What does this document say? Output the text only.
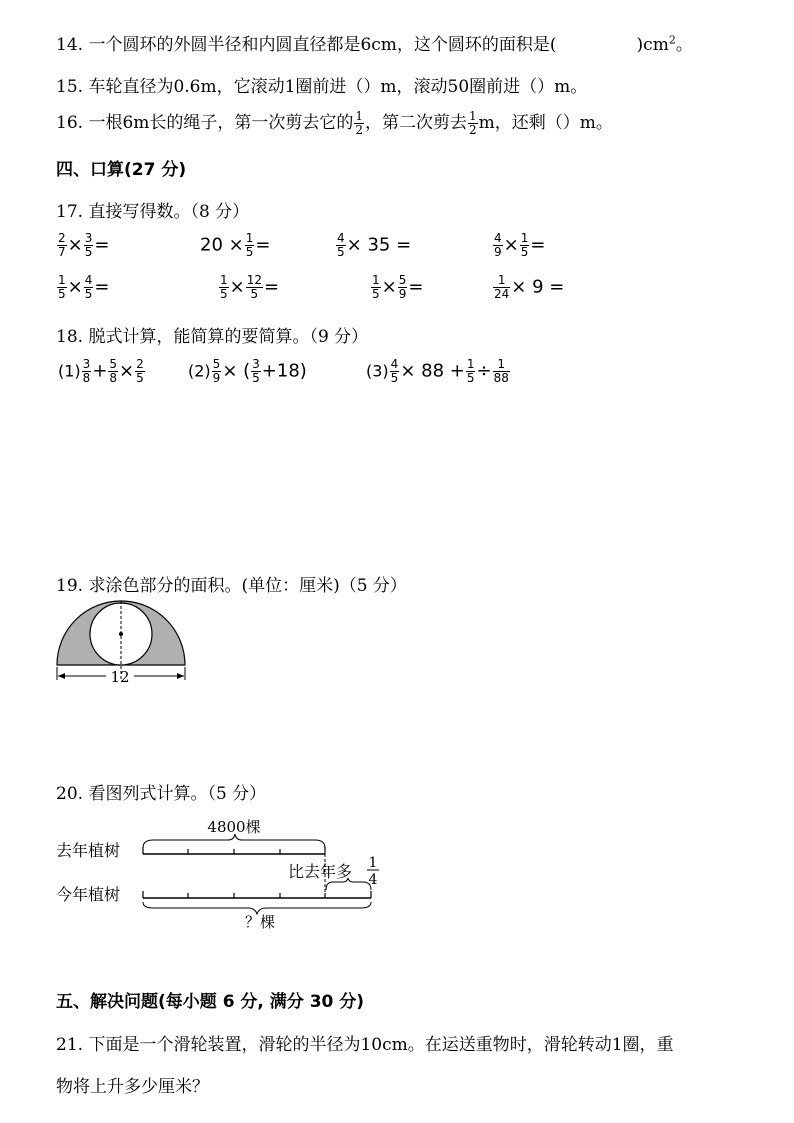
14. 一个圆环的外圆半径和内圆直径都是6cm，这个圆环的面积是(	)$cm^2$。
15. 车轮直径为0.6m，它滚动1圈前进（）m，滚动50圈前进（）m。
16. 一根6m长的绳子，第一次剪去它的 $\frac{1}{2}$ ，第二次剪去 $\frac{1}{2}$ m，还剩（）m。
四、口算(27 分)
17. 直接写得数。（8 分）
$\frac{2}{7} \times \frac{3}{5}$ =	$20 \times \frac{1}{5}$ =	$\frac{4}{5} \times 35$ =	$\frac{4}{9} \times \frac{1}{5}$ =
$\frac{1}{5} \times \frac{4}{5}$ =	$\frac{1}{5} \times \frac{12}{5}$ =	$\frac{1}{5} \times \frac{5}{9}$ =	$\frac{1}{24} \times 9$ =
18. 脱式计算，能简算的要简算。（9 分）
$(1) \frac{3}{8} + \frac{5}{8} \times \frac{2}{5}$	$(2) \frac{5}{9}$ × ( $\frac{3}{5} +18$)	$(3) \frac{4}{5} \times 88 + \frac{1}{5} \div \frac{1}{88}$
19. 求涂色部分的面积。(单位：厘米)（5 分）
12
20. 看图列式计算。（5 分）
4800棵
去年植树
比去年多 1
4
今年植树
？棵
五、解决问题(每小题 6 分, 满分 30 分)
21. 下面是一个滑轮装置，滑轮的半径为10cm。在运送重物时，滑轮转动1圈，重
物将上升多少厘米？
